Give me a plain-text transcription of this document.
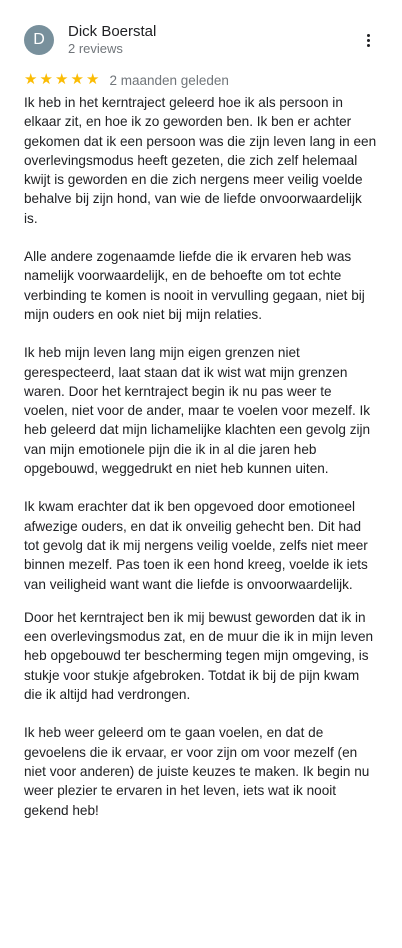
D	Dick Boerstal
2 reviews
★ ★ ★ ★ ★ 2 maanden geleden

Ik heb in het kerntraject geleerd hoe ik als persoon in elkaar zit, en hoe ik zo geworden ben. Ik ben er achter gekomen dat ik een persoon was die zijn leven lang in een overlevingsmodus heeft gezeten, die zich zelf helemaal kwijt is geworden en die zich nergens meer veilig voelde behalve bij zijn hond, van wie de liefde onvoorwaardelijk is.

Alle andere zogenaamde liefde die ik ervaren heb was namelijk voorwaardelijk, en de behoefte om tot echte verbinding te komen is nooit in vervulling gegaan, niet bij mijn ouders en ook niet bij mijn relaties.

Ik heb mijn leven lang mijn eigen grenzen niet gerespecteerd, laat staan dat ik wist wat mijn grenzen waren. Door het kerntraject begin ik nu pas weer te voelen, niet voor de ander, maar te voelen voor mezelf. Ik heb geleerd dat mijn lichamelijke klachten een gevolg zijn van mijn emotionele pijn die ik in al die jaren heb opgebouwd, weggedrukt en niet heb kunnen uiten.

Ik kwam erachter dat ik ben opgevoed door emotioneel afwezige ouders, en dat ik onveilig gehecht ben. Dit had tot gevolg dat ik mij nergens veilig voelde, zelfs niet meer binnen mezelf. Pas toen ik een hond kreeg, voelde ik iets van veiligheid want want die liefde is onvoorwaardelijk.

Door het kerntraject ben ik mij bewust geworden dat ik in een overlevingsmodus zat, en de muur die ik in mijn leven heb opgebouwd ter bescherming tegen mijn omgeving, is stukje voor stukje afgebroken. Totdat ik bij de pijn kwam die ik altijd had verdrongen.

Ik heb weer geleerd om te gaan voelen, en dat de gevoelens die ik ervaar, er voor zijn om voor mezelf (en niet voor anderen) de juiste keuzes te maken. Ik begin nu weer plezier te ervaren in het leven, iets wat ik nooit gekend heb!
